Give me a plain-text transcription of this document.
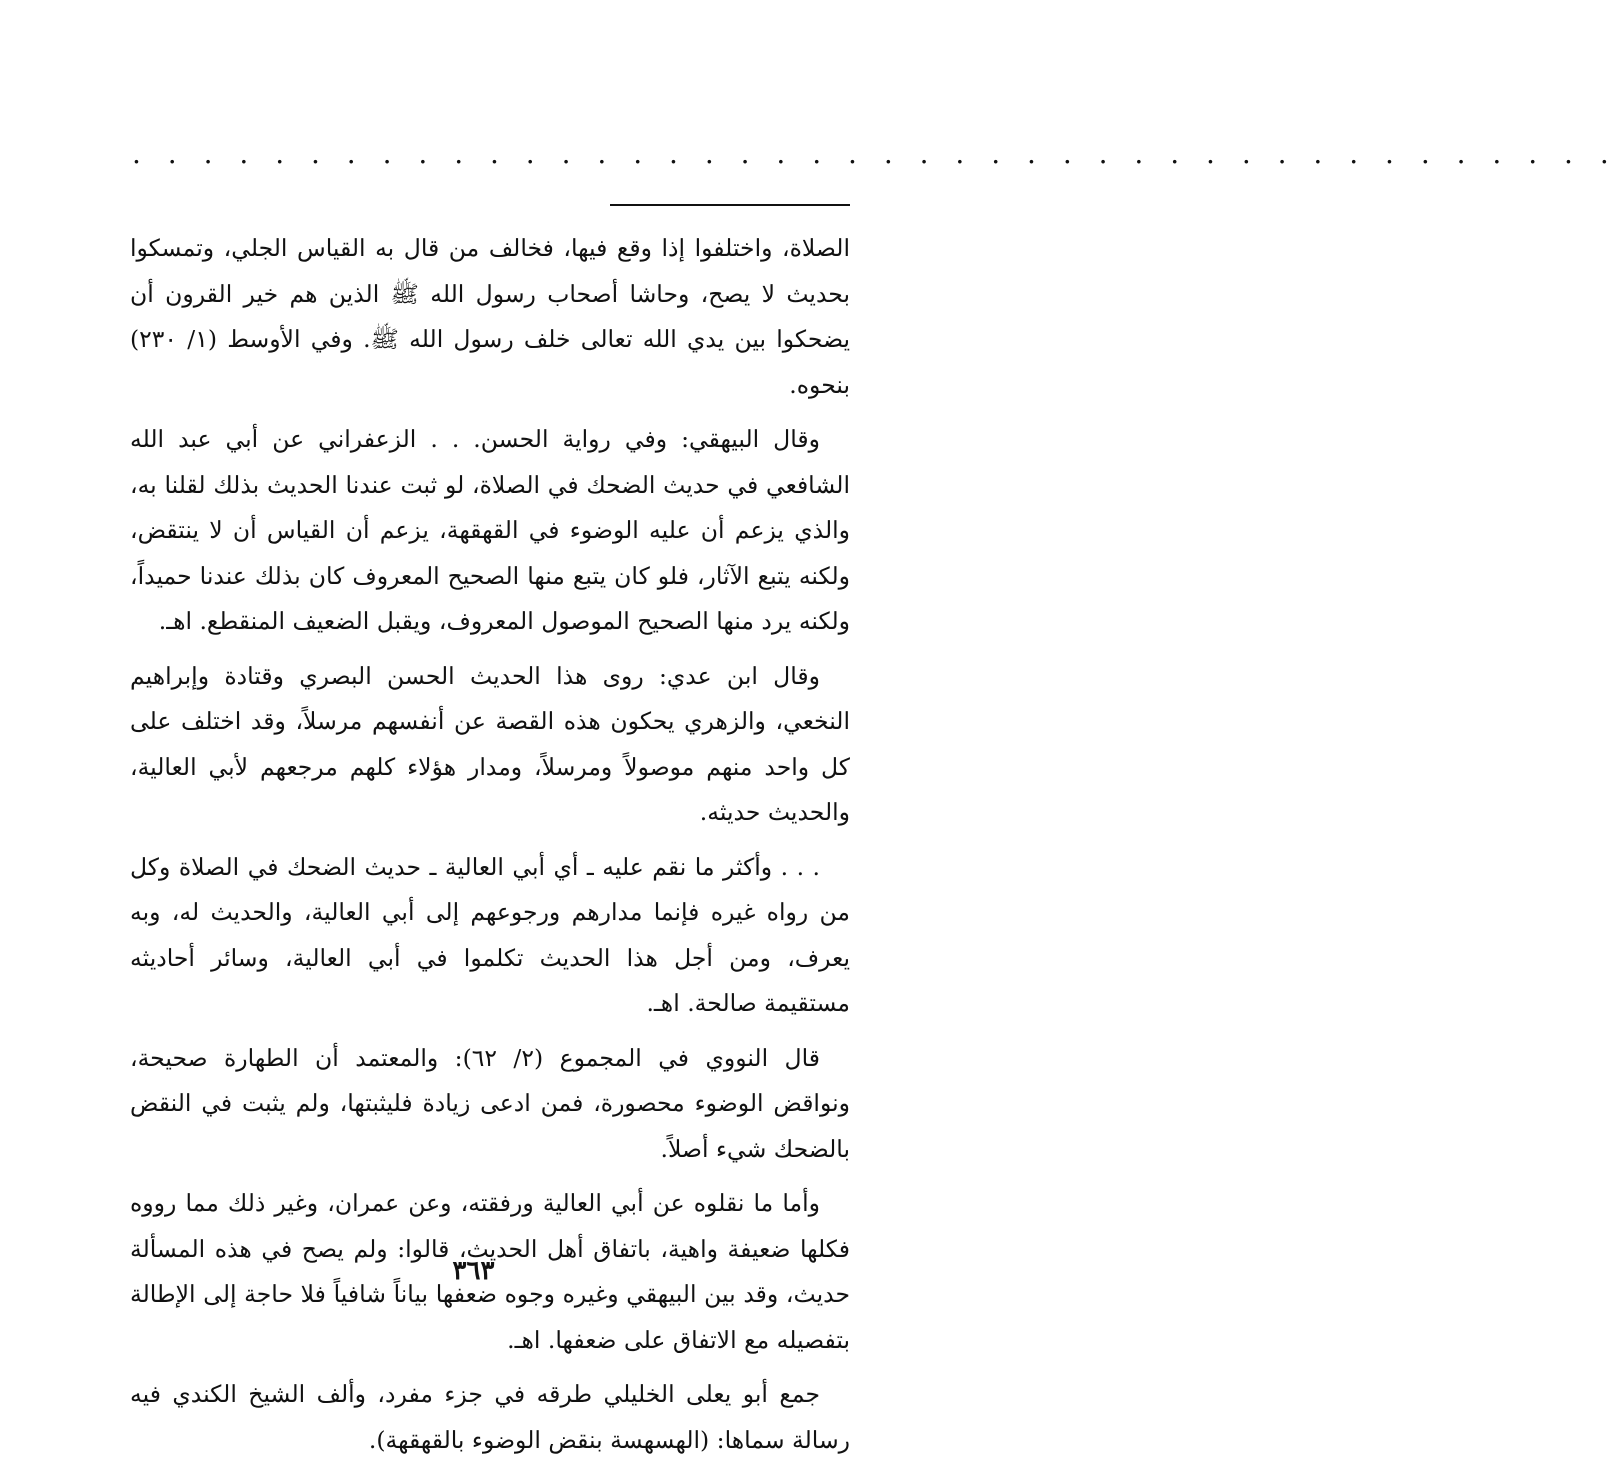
. . . . . . . . . . . . . . . . . . . . . . . . . . . . . . . . . . . . . . . . . .

الصلاة، واختلفوا إذا وقع فيها، فخالف من قال به القياس الجلي، وتمسكوا بحديث لا يصح، وحاشا أصحاب رسول الله ﷺ الذين هم خير القرون أن يضحكوا بين يدي الله تعالى خلف رسول الله ﷺ. وفي الأوسط (١/ ٢٣٠) بنحوه.

وقال البيهقي: وفي رواية الحسن. . . الزعفراني عن أبي عبد الله الشافعي في حديث الضحك في الصلاة، لو ثبت عندنا الحديث بذلك لقلنا به، والذي يزعم أن عليه الوضوء في القهقهة، يزعم أن القياس أن لا ينتقض، ولكنه يتبع الآثار، فلو كان يتبع منها الصحيح المعروف كان بذلك عندنا حميداً، ولكنه يرد منها الصحيح الموصول المعروف، ويقبل الضعيف المنقطع. اهـ.

وقال ابن عدي: روى هذا الحديث الحسن البصري وقتادة وإبراهيم النخعي، والزهري يحكون هذه القصة عن أنفسهم مرسلاً، وقد اختلف على كل واحد منهم موصولاً ومرسلاً، ومدار هؤلاء كلهم مرجعهم لأبي العالية، والحديث حديثه.

. . . وأكثر ما نقم عليه ـ أي أبي العالية ـ حديث الضحك في الصلاة وكل من رواه غيره فإنما مدارهم ورجوعهم إلى أبي العالية، والحديث له، وبه يعرف، ومن أجل هذا الحديث تكلموا في أبي العالية، وسائر أحاديثه مستقيمة صالحة. اهـ.

قال النووي في المجموع (٢/ ٦٢): والمعتمد أن الطهارة صحيحة، ونواقض الوضوء محصورة، فمن ادعى زيادة فليثبتها، ولم يثبت في النقض بالضحك شيء أصلاً.

وأما ما نقلوه عن أبي العالية ورفقته، وعن عمران، وغير ذلك مما رووه فكلها ضعيفة واهية، باتفاق أهل الحديث، قالوا: ولم يصح في هذه المسألة حديث، وقد بين البيهقي وغيره وجوه ضعفها بياناً شافياً فلا حاجة إلى الإطالة بتفصيله مع الاتفاق على ضعفها. اهـ.

جمع أبو يعلى الخليلي طرقه في جزء مفرد، وألف الشيخ الكندي فيه رسالة سماها: (الهسهسة بنقض الوضوء بالقهقهة).

٣٦٣
